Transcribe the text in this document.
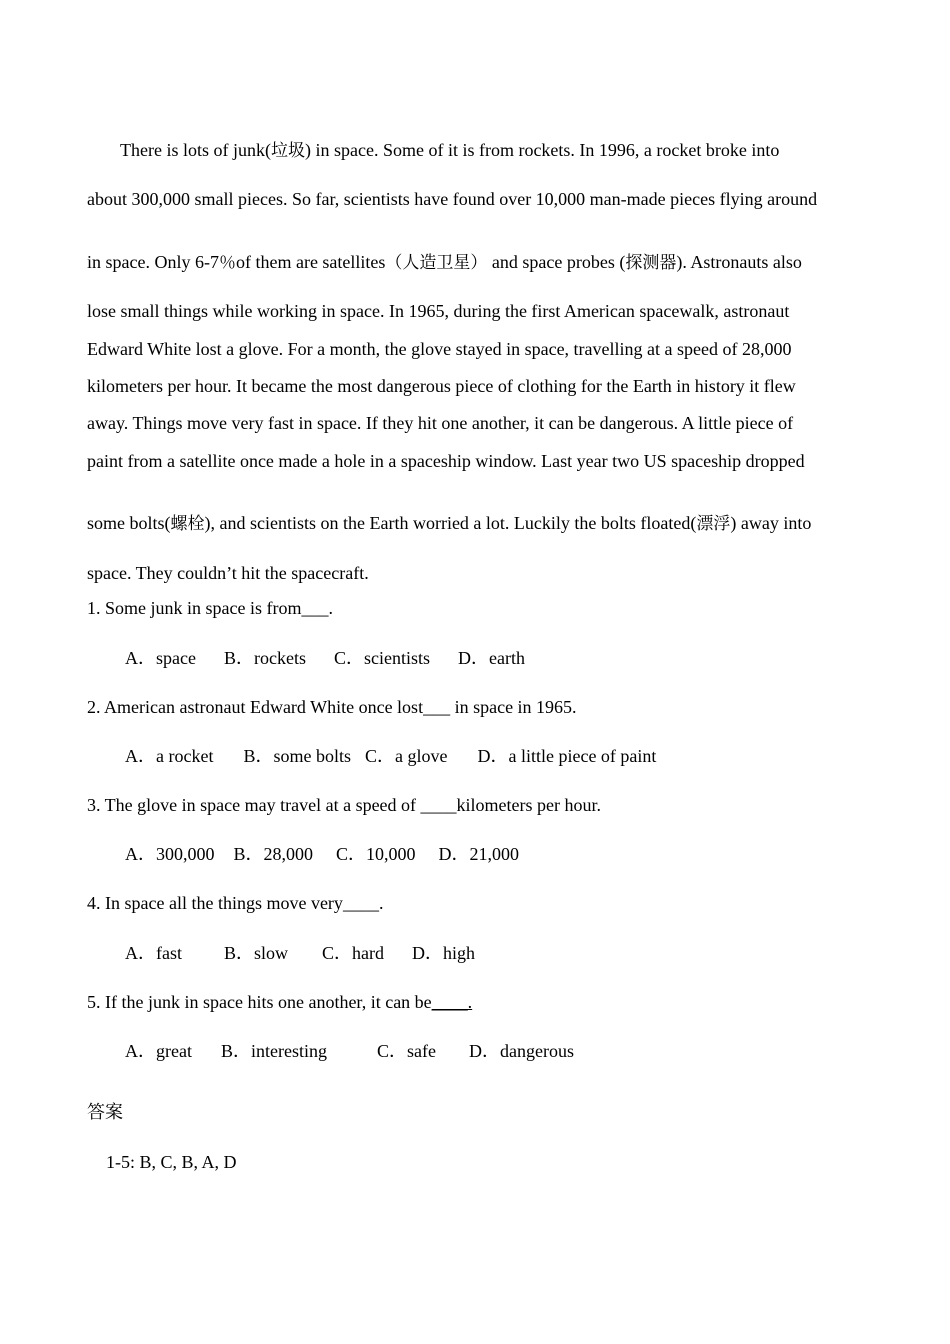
There is lots of junk(垃圾) in space. Some of it is from rockets. In 1996, a rocket broke into
about 300,000 small pieces. So far, scientists have found over 10,000 man-made pieces flying around
in space. Only 6-7％of them are satellites（人造卫星） and space probes (探测器). Astronauts also
lose small things while working in space. In 1965, during the first American spacewalk, astronaut
Edward White lost a glove. For a month, the glove stayed in space, travelling at a speed of 28,000
kilometers per hour. It became the most dangerous piece of clothing for the Earth in history it flew
away. Things move very fast in space. If they hit one another, it can be dangerous. A little piece of
paint from a satellite once made a hole in a spaceship window. Last year two US spaceship dropped
some bolts(螺栓), and scientists on the Earth worried a lot. Luckily the bolts floated(漂浮) away into
space. They couldn’t hit the spacecraft.
1. Some junk in space is from___.
A．space B．rockets C．scientists D．earth
2. American astronaut Edward White once lost___ in space in 1965.
A．a rocket B．some bolts C．a glove D．a little piece of paint
3. The glove in space may travel at a speed of ____kilometers per hour.
A．300,000 B．28,000 C．10,000 D．21,000
4. In space all the things move very____.
A．fast B．slow C．hard D．high
5. If the junk in space hits one another, it can be____.
A．great B．interesting	C．safe D．dangerous
答案
1-5: B, C, B, A, D
